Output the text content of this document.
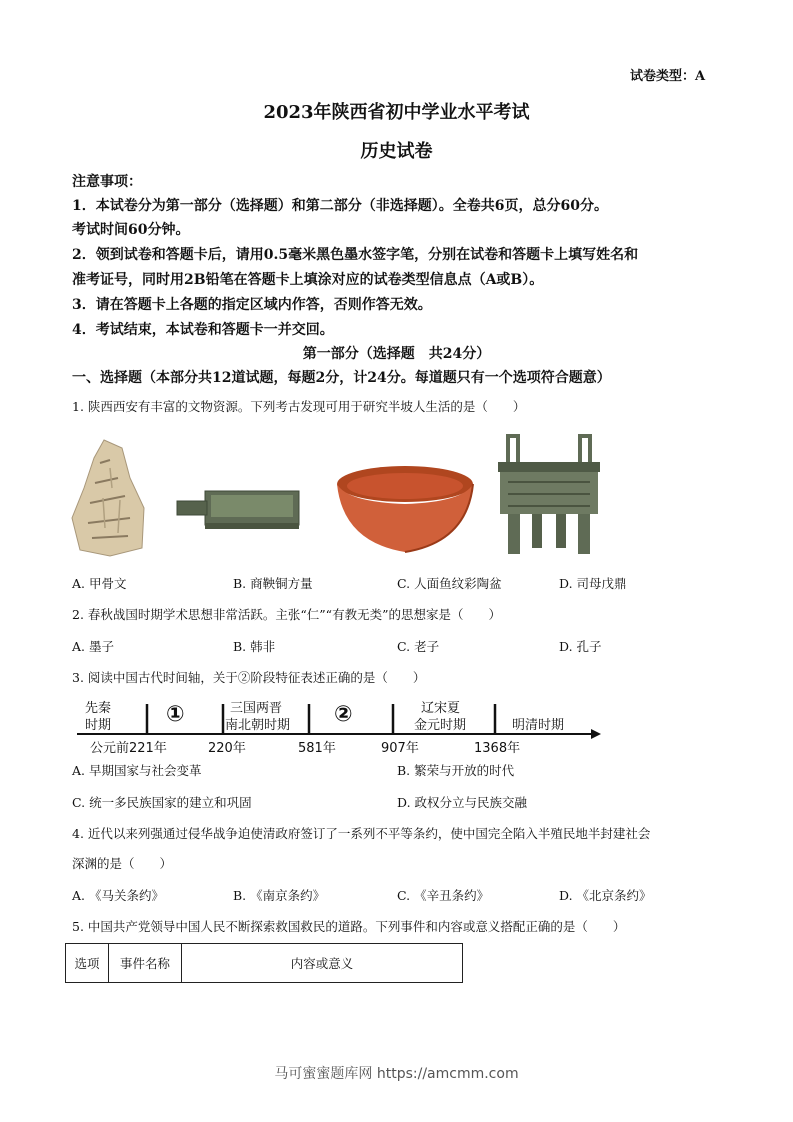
试卷类型：A
2023年陕西省初中学业水平考试
历史试卷
注意事项：
1．本试卷分为第一部分（选择题）和第二部分（非选择题）。全卷共6页，总分60分。
考试时间60分钟。
2．领到试卷和答题卡后，请用0.5毫米黑色墨水签字笔，分别在试卷和答题卡上填写姓名和
准考证号，同时用2B铅笔在答题卡上填涂对应的试卷类型信息点（A或B）。
3．请在答题卡上各题的指定区域内作答，否则作答无效。
4．考试结束，本试卷和答题卡一并交回。
第一部分（选择题　共24分）
一、选择题（本部分共12道试题，每题2分，计24分。每道题只有一个选项符合题意）
1. 陕西西安有丰富的文物资源。下列考古发现可用于研究半坡人生活的是（　　）
A. 甲骨文	B. 商鞅铜方量	C. 人面鱼纹彩陶盆	D. 司母戊鼎
2. 春秋战国时期学术思想非常活跃。主张“仁”“有教无类”的思想家是（　　）
A. 墨子	B. 韩非	C. 老子	D. 孔子
3. 阅读中国古代时间轴，关于②阶段特征表述正确的是（　　）
先秦
时期 ①	三国两晋
南北朝时期 ②	辽宋夏
金元时期	明清时期
公元前221年	220年	581年	907年	1368年
A. 早期国家与社会变革	B. 繁荣与开放的时代
C. 统一多民族国家的建立和巩固	D. 政权分立与民族交融
4. 近代以来列强通过侵华战争迫使清政府签订了一系列不平等条约，使中国完全陷入半殖民地半封建社会
深渊的是（　　）
A. 《马关条约》	B. 《南京条约》	C. 《辛丑条约》	D. 《北京条约》
5. 中国共产党领导中国人民不断探索救国救民的道路。下列事件和内容或意义搭配正确的是（　　）
选项	事件名称	内容或意义
马可蜜蜜题库网 https://amcmm.com
